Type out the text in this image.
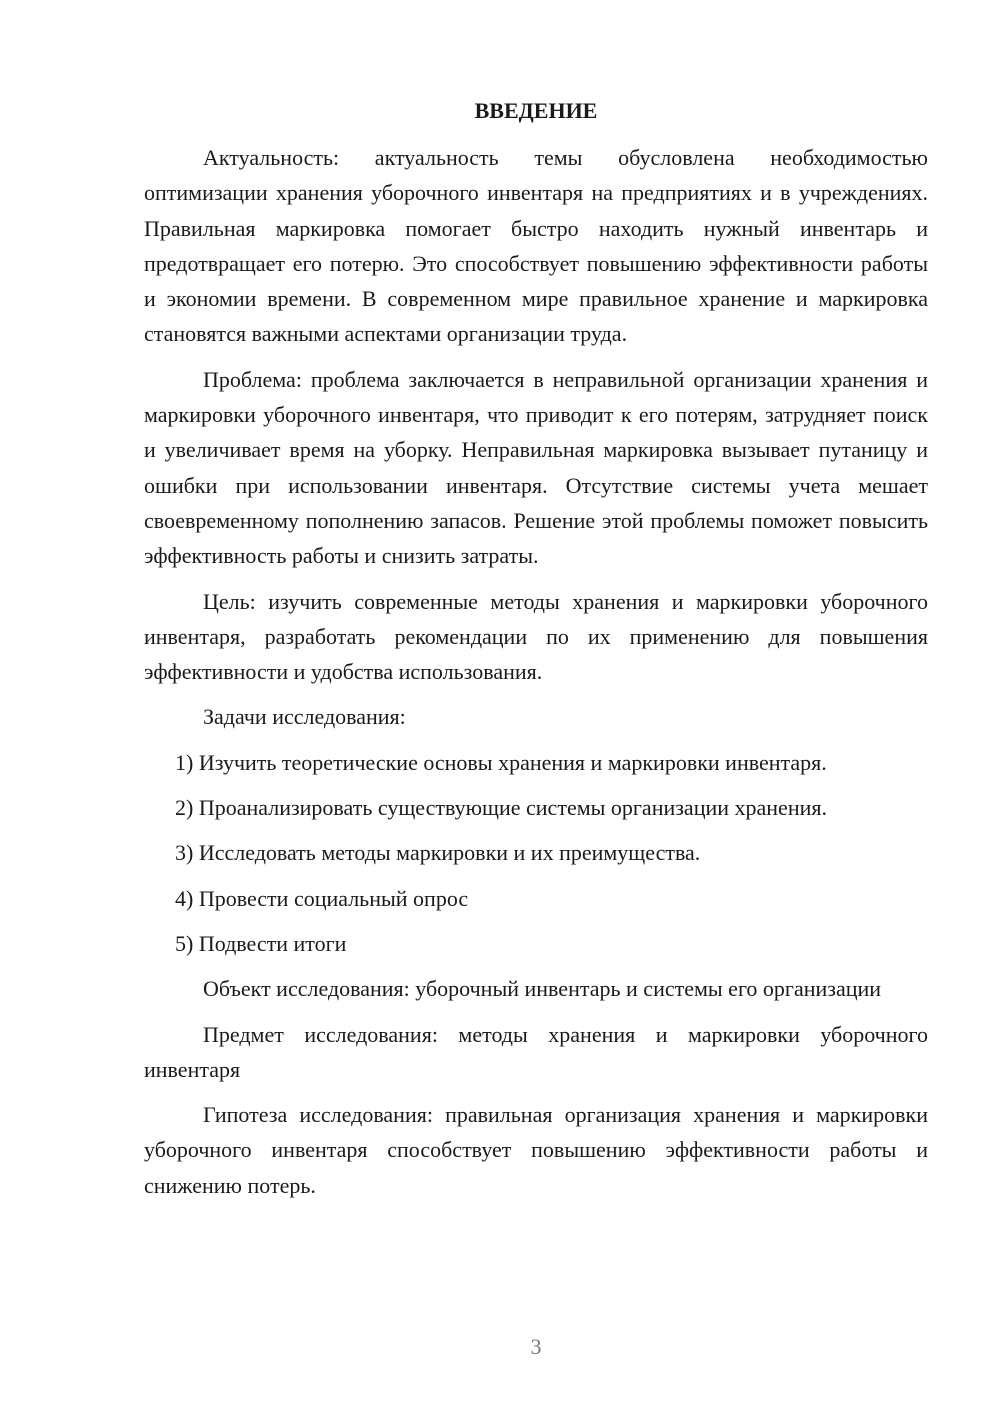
ВВЕДЕНИЕ

Актуальность: актуальность темы обусловлена необходимостью оптимизации хранения уборочного инвентаря на предприятиях и в учреждениях. Правильная маркировка помогает быстро находить нужный инвентарь и предотвращает его потерю. Это способствует повышению эффективности работы и экономии времени. В современном мире правильное хранение и маркировка становятся важными аспектами организации труда.

Проблема: проблема заключается в неправильной организации хранения и маркировки уборочного инвентаря, что приводит к его потерям, затрудняет поиск и увеличивает время на уборку. Неправильная маркировка вызывает путаницу и ошибки при использовании инвентаря. Отсутствие системы учета мешает своевременному пополнению запасов. Решение этой проблемы поможет повысить эффективность работы и снизить затраты.

Цель: изучить современные методы хранения и маркировки уборочного инвентаря, разработать рекомендации по их применению для повышения эффективности и удобства использования.

Задачи исследования:

1) Изучить теоретические основы хранения и маркировки инвентаря.
2) Проанализировать существующие системы организации хранения.
3) Исследовать методы маркировки и их преимущества.
4) Провести социальный опрос
5) Подвести итоги

Объект исследования: уборочный инвентарь и системы его организации

Предмет исследования: методы хранения и маркировки уборочного инвентаря

Гипотеза исследования: правильная организация хранения и маркировки уборочного инвентаря способствует повышению эффективности работы и снижению потерь.

3
